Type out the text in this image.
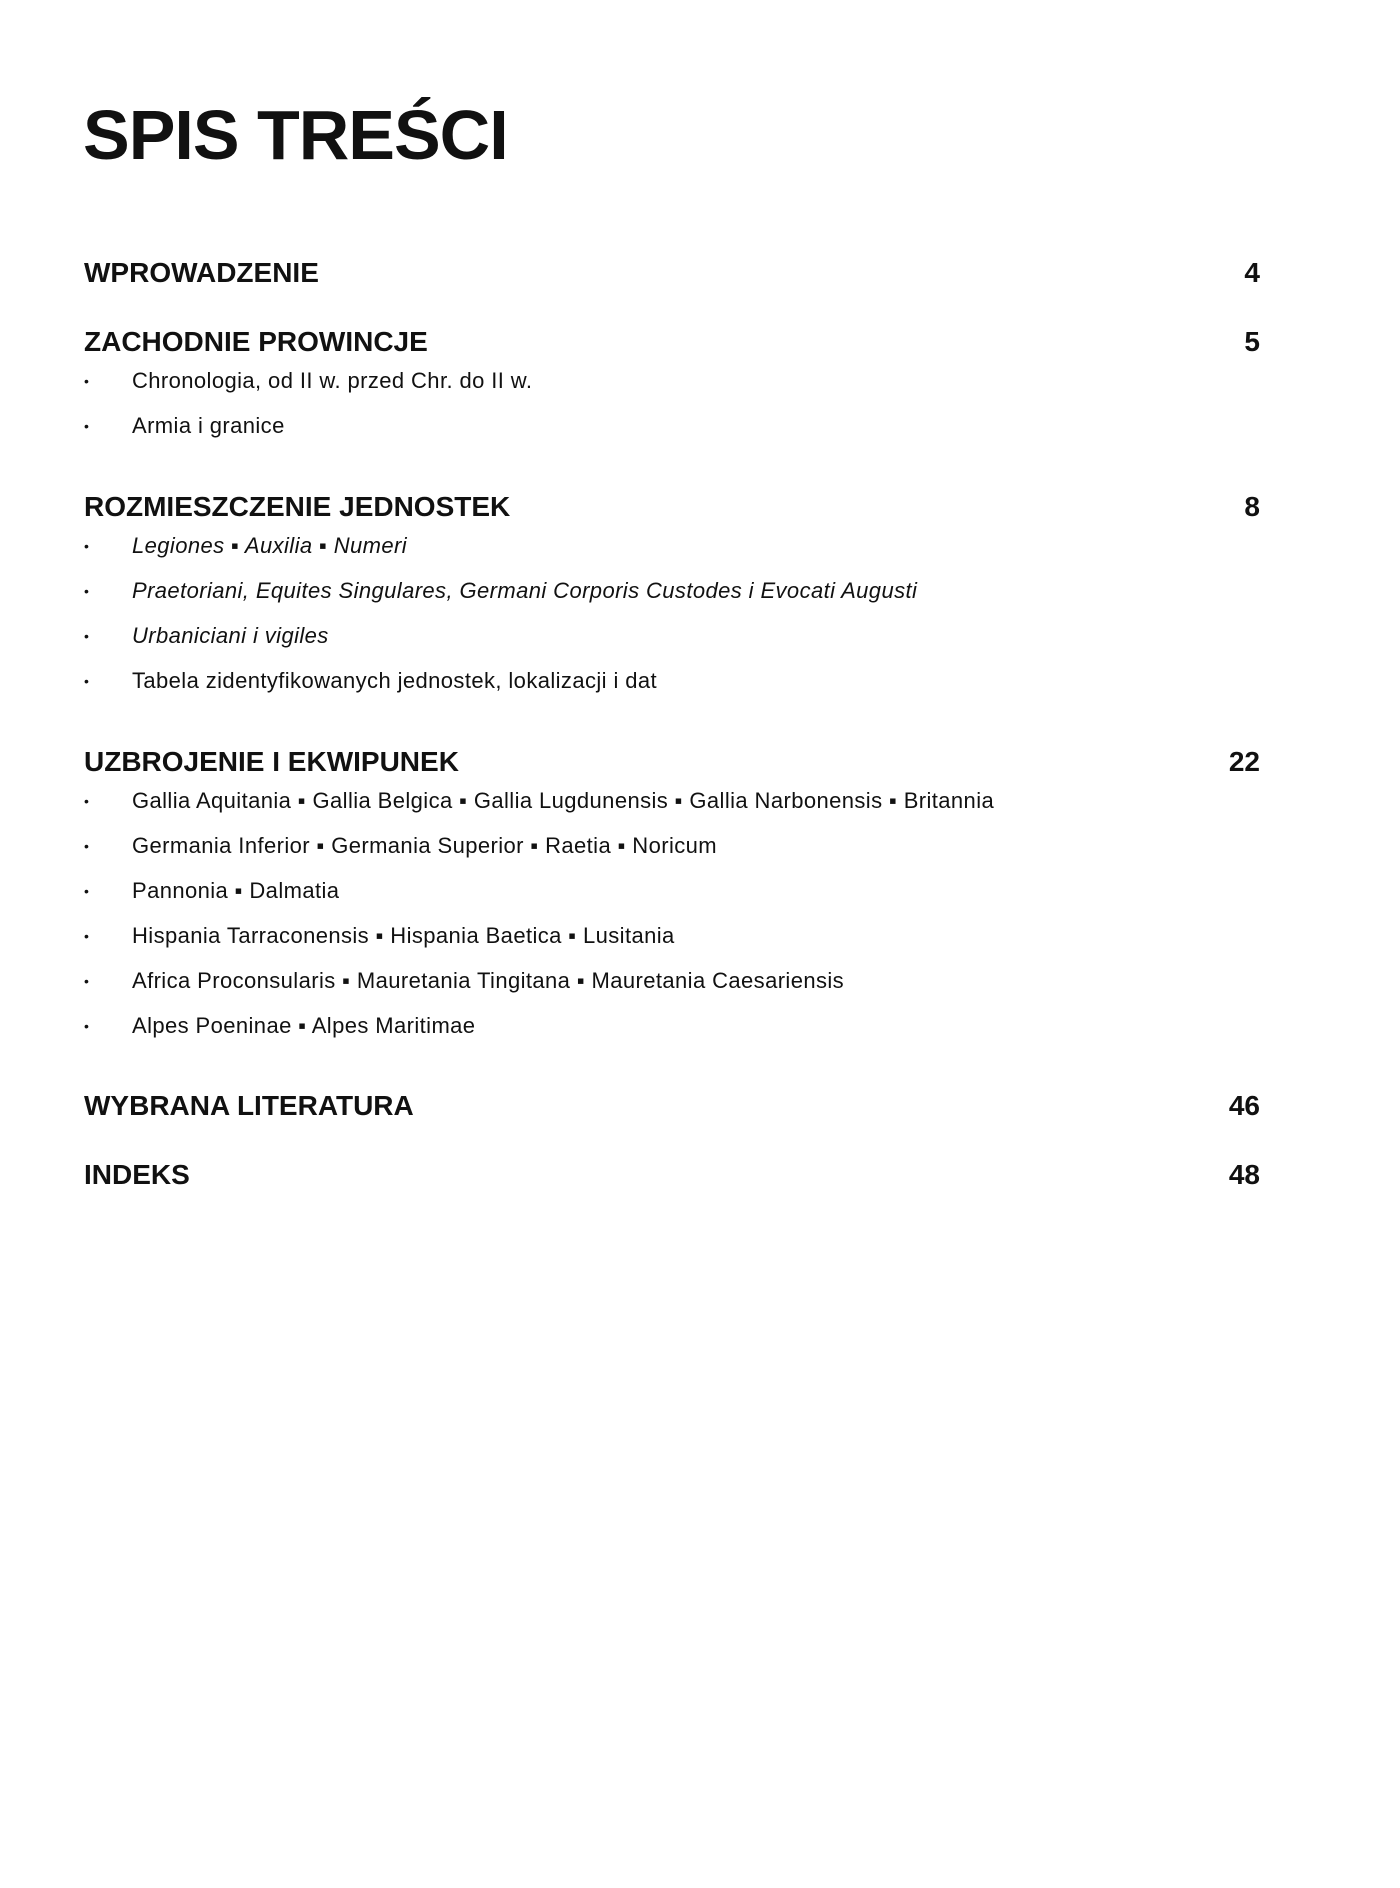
SPIS TREŚCI
WPROWADZENIE	4
ZACHODNIE PROWINCJE	5
• Chronologia, od II w. przed Chr. do II w.
• Armia i granice
ROZMIESZCZENIE JEDNOSTEK	8
• Legiones ▪ Auxilia ▪ Numeri
• Praetoriani, Equites Singulares, Germani Corporis Custodes i Evocati Augusti
• Urbaniciani i vigiles
• Tabela zidentyfikowanych jednostek, lokalizacji i dat
UZBROJENIE I EKWIPUNEK	22
• Gallia Aquitania ▪ Gallia Belgica ▪ Gallia Lugdunensis ▪ Gallia Narbonensis ▪ Britannia
• Germania Inferior ▪ Germania Superior ▪ Raetia ▪ Noricum
• Pannonia ▪ Dalmatia
• Hispania Tarraconensis ▪ Hispania Baetica ▪ Lusitania
• Africa Proconsularis ▪ Mauretania Tingitana ▪ Mauretania Caesariensis
• Alpes Poeninae ▪ Alpes Maritimae
WYBRANA LITERATURA	46
INDEKS	48
